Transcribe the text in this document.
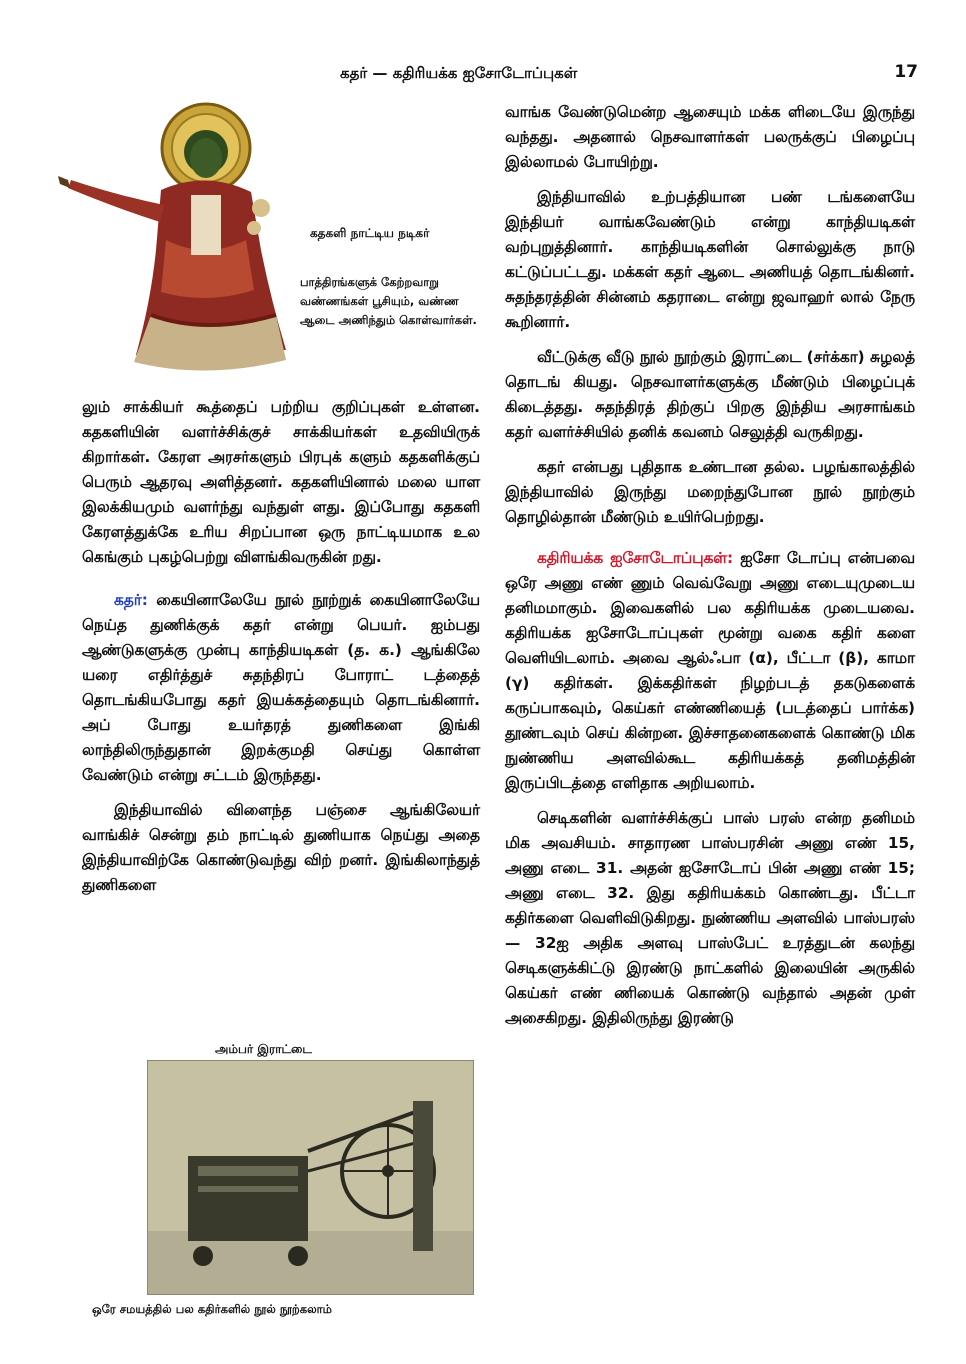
கதர் — கதிரியக்க ஐசோடோப்புகள்	17
கதகளி நாட்டிய நடிகர்
பாத்திரங்களுக் கேற்றவாறு வண்ணங்கள் பூசியும், வண்ண ஆடை அணிந்தும் கொள்வார்கள்.

லும் சாக்கியர் கூத்தைப் பற்றிய குறிப்புகள் உள்ளன. கதகளியின் வளர்ச்சிக்குச் சாக்கியர்கள் உதவியிருக் கிறார்கள். கேரள அரசர்களும் பிரபுக் களும் கதகளிக்குப் பெரும் ஆதரவு அளித்தனர். கதகளியினால் மலை யாள இலக்கியமும் வளர்ந்து வந்துள் ளது. இப்போது கதகளி கேரளத்துக்கே உரிய சிறப்பான ஒரு நாட்டியமாக உல கெங்கும் புகழ்பெற்று விளங்கிவருகின் றது.

கதர்: கையினாலேயே நூல் நூற்றுக் கையினாலேயே நெய்த துணிக்குக் கதர் என்று பெயர். ஐம்பது ஆண்டுகளுக்கு முன்பு காந்தியடிகள் (த. க.) ஆங்கிலே யரை எதிர்த்துச் சுதந்திரப் போராட் டத்தைத் தொடங்கியபோது கதர் இயக்கத்தையும் தொடங்கினார். அப் போது உயர்தரத் துணிகளை இங்கி லாந்திலிருந்துதான் இறக்குமதி செய்து கொள்ள வேண்டும் என்று சட்டம் இருந்தது.

இந்தியாவில் விளைந்த பஞ்சை ஆங்கிலேயர் வாங்கிச் சென்று தம் நாட்டில் துணியாக நெய்து அதை இந்தியாவிற்கே கொண்டுவந்து விற் றனர். இங்கிலாந்துத் துணிகளை

அம்பர் இராட்டை
ஒரே சமயத்தில் பல கதிர்களில் நூல் நூற்கலாம்

வாங்க வேண்டுமென்ற ஆசையும் மக்க ளிடையே இருந்து வந்தது. அதனால் நெசவாளர்கள் பலருக்குப் பிழைப்பு இல்லாமல் போயிற்று.

இந்தியாவில் உற்பத்தியான பண் டங்களையே இந்தியர் வாங்கவேண்டும் என்று காந்தியடிகள் வற்புறுத்தினார். காந்தியடிகளின் சொல்லுக்கு நாடு கட்டுப்பட்டது. மக்கள் கதர் ஆடை அணியத் தொடங்கினர். சுதந்தரத்தின் சின்னம் கதராடை என்று ஜவாஹர் லால் நேரு கூறினார்.

வீட்டுக்கு வீடு நூல் நூற்கும் இராட்டை (சர்க்கா) சுழலத் தொடங் கியது. நெசவாளர்களுக்கு மீண்டும் பிழைப்புக் கிடைத்தது. சுதந்திரத் திற்குப் பிறகு இந்திய அரசாங்கம் கதர் வளர்ச்சியில் தனிக் கவனம் செலுத்தி வருகிறது.

கதர் என்பது புதிதாக உண்டான தல்ல. பழங்காலத்தில் இந்தியாவில் இருந்து மறைந்துபோன நூல் நூற்கும் தொழில்தான் மீண்டும் உயிர்பெற்றது.

கதிரியக்க ஐசோடோப்புகள்: ஐசோ டோப்பு என்பவை ஒரே அணு எண் ணும் வெவ்வேறு அணு எடையுமுடைய தனிமமாகும். இவைகளில் பல கதிரியக்க முடையவை. கதிரியக்க ஐசோடோப்புகள் மூன்று வகை கதிர் களை வெளியிடலாம். அவை ஆல்ஃபா (α), பீட்டா (β), காமா (γ) கதிர்கள். இக்கதிர்கள் நிழற்படத் தகடுகளைக் கருப்பாகவும், கெய்கர் எண்ணியைத் (படத்தைப் பார்க்க) தூண்டவும் செய் கின்றன. இச்சாதனைகளைக் கொண்டு மிக நுண்ணிய அளவில்கூட கதிரியக்கத் தனிமத்தின் இருப்பிடத்தை எளிதாக அறியலாம்.

செடிகளின் வளர்ச்சிக்குப் பாஸ் பரஸ் என்ற தனிமம் மிக அவசியம். சாதாரண பாஸ்பரசின் அணு எண் 15, அணு எடை 31. அதன் ஐசோடோப் பின் அணு எண் 15; அணு எடை 32. இது கதிரியக்கம் கொண்டது. பீட்டா கதிர்களை வெளிவிடுகிறது. நுண்ணிய அளவில் பாஸ்பரஸ் — 32ஐ அதிக அளவு பாஸ்பேட் உரத்துடன் கலந்து செடிகளுக்கிட்டு இரண்டு நாட்களில் இலையின் அருகில் கெய்கர் எண் ணியைக் கொண்டு வந்தால் அதன் முள் அசைகிறது. இதிலிருந்து இரண்டு
